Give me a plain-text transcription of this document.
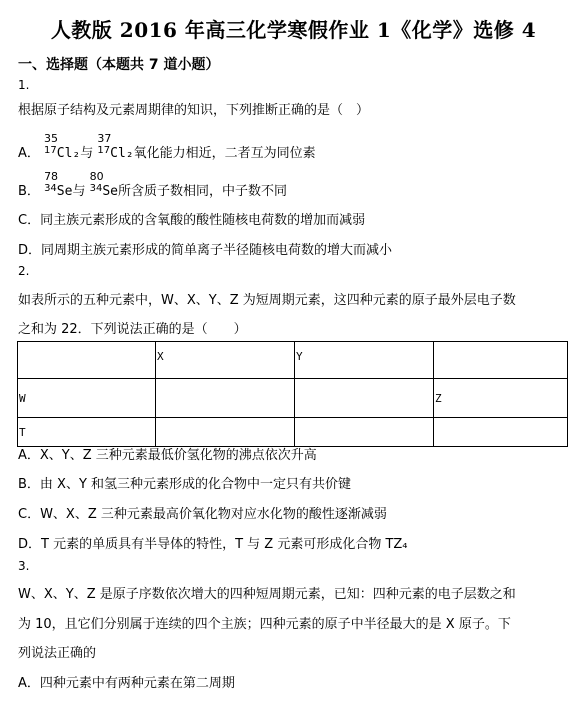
人教版 2016 年高三化学寒假作业 1《化学》选修 4
一、选择题（本题共 7 道小题）
1.
根据原子结构及元素周期律的知识，下列推断正确的是（　）
A．
35
$^{17}$Cl₂与
37
$^{17}$Cl₂氧化能力相近，二者互为同位素
B．
78
$^{34}$Se与
80
$^{34}$Se所含质子数相同，中子数不同
C．同主族元素形成的含氧酸的酸性随核电荷数的增加而减弱
D．同周期主族元素形成的简单离子半径随核电荷数的增大而减小
2.
如表所示的五种元素中，W、X、Y、Z 为短周期元素，这四种元素的原子最外层电子数
之和为 22．下列说法正确的是（　　）
	X	Y	
W			Z
T			
A．X、Y、Z 三种元素最低价氢化物的沸点依次升高
B．由 X、Y 和氢三种元素形成的化合物中一定只有共价键
C．W、X、Z 三种元素最高价氧化物对应水化物的酸性逐渐减弱
D．T 元素的单质具有半导体的特性，T 与 Z 元素可形成化合物 TZ₄
3.
W、X、Y、Z 是原子序数依次增大的四种短周期元素，已知：四种元素的电子层数之和
为 10，且它们分别属于连续的四个主族；四种元素的原子中半径最大的是 X 原子。下
列说法正确的
A．四种元素中有两种元素在第二周期
